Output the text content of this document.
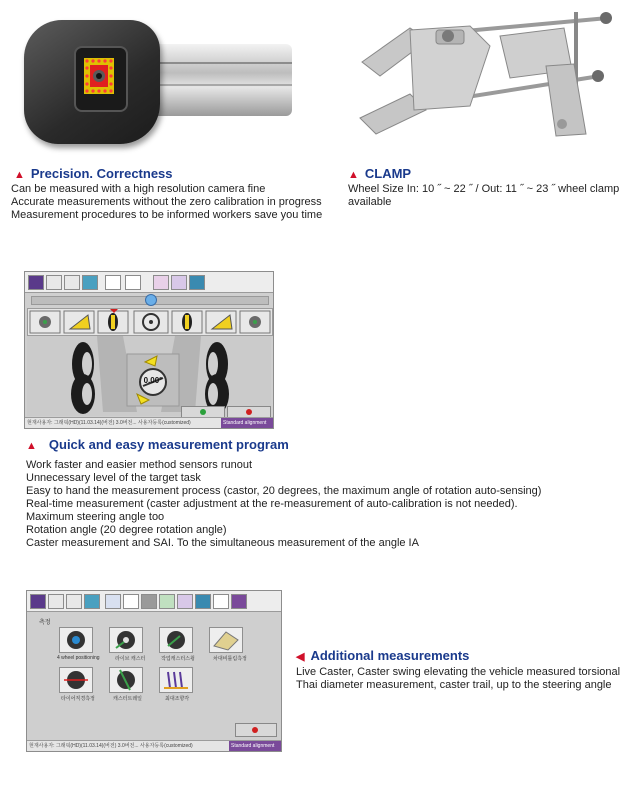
▲ Precision. Correctness
Can be measured with a high resolution camera fine
Accurate measurements without the zero calibration in progress
Measurement procedures to be informed workers save you time
▲ CLAMP
Wheel Size In: 10 ˝ ~ 22 ˝ / Out: 11 ˝ ~ 23 ˝ wheel clamp
available
0.00°
현재사용자: 그래픽(HD)(11.03.14)(버전) 3.0버전... 사용자등록(customized)	Standard alignment
▲ Quick and easy measurement program
Work faster and easier method sensors runout
Unnecessary level of the target task
Easy to hand the measurement process (castor, 20 degrees, the maximum angle of rotation auto-sensing)
Real-time measurement (caster adjustment at the re-measurement of auto-calibration is not needed).
Maximum steering angle too
Rotation angle (20 degree rotation angle)
Caster measurement and SAI. To the simultaneous measurement of the angle IA
측정
4 wheel positioning	라이브 캐스터	작업캐스터스윙	차대비틀림측정
타이어직경측정	캐스터트레일	최대조향각
현재사용자: 그래픽(HD)(11.03.14)(버전) 3.0버전... 사용자등록(customized)	Standard alignment
◀ Additional measurements
Live Caster, Caster swing elevating the vehicle measured torsional
Thai diameter measurement, caster trail, up to the steering angle
